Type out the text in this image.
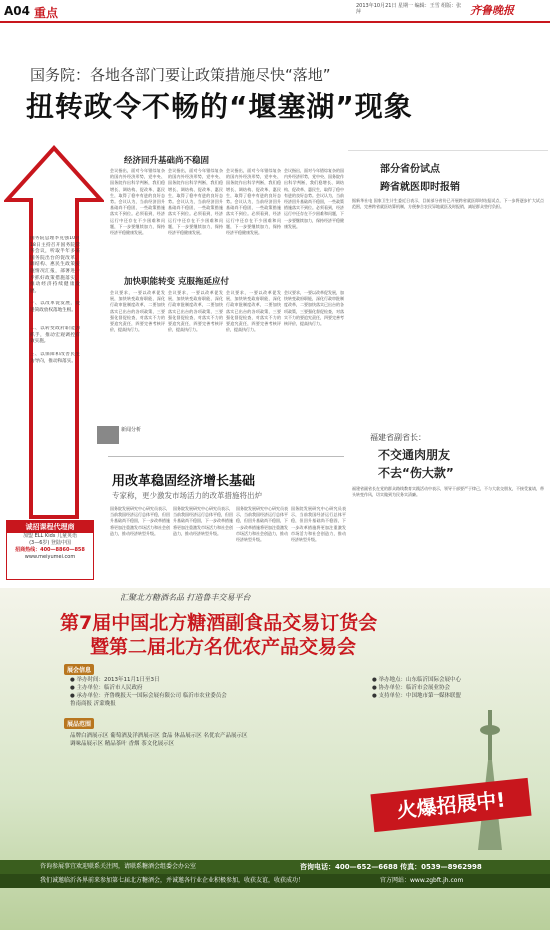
A04 重点	2013年10月21日 星期一 编辑：王雪 组版：张萍	齐鲁晚报
国务院：各地各部门要让政策措施尽快“落地”
扭转政令不畅的“堰塞湖”现象
国务院总理李克强10月18日主持召开国务院常务会议，听取半年多来国务院出台的促改革、调结构、惠民生政策实施情况汇报，部署进一步抓好政策措施落实，推动经济持续健康发展。
一、以改革促发展，促进简政放权落地生根。
二、以转变政府职能为抓手，推动宏观调控有效实施。
三、以保障和改善民生为导向，推动和落实。
经济回升基础尚不稳固
会议指出，面对今年错综复杂的国内外经济形势，党中央、国务院作出科学判断，我们稳增长、调结构、促改革、惠民生，取得了稳中有进的良好态势。会议认为，当前经济回升基础尚不稳固，一些政策措施落实不到位。必须看到，经济运行中还存在不少困难和问题，下一步要继续加力，保持经济平稳健康发展。
会议指出，面对今年错综复杂的国内外经济形势，党中央、国务院作出科学判断，我们稳增长、调结构、促改革、惠民生，取得了稳中有进的良好态势。会议认为，当前经济回升基础尚不稳固，一些政策措施落实不到位。必须看到，经济运行中还存在不少困难和问题，下一步要继续加力，保持经济平稳健康发展。
会议指出，面对今年错综复杂的国内外经济形势，党中央、国务院作出科学判断，我们稳增长、调结构、促改革、惠民生，取得了稳中有进的良好态势。会议认为，当前经济回升基础尚不稳固，一些政策措施落实不到位。必须看到，经济运行中还存在不少困难和问题，下一步要继续加力，保持经济平稳健康发展。
会议指出，面对今年错综复杂的国内外经济形势，党中央、国务院作出科学判断，我们稳增长、调结构、促改革、惠民生，取得了稳中有进的良好态势。会议认为，当前经济回升基础尚不稳固，一些政策措施落实不到位。必须看到，经济运行中还存在不少困难和问题，下一步要继续加力，保持经济平稳健康发展。
加快职能转变 克服拖延应付
会议要求，一要以改革促发展，加快转变政府职能，深化行政审批制度改革，二要加快落实已出台的各项政策，三要强化督促检查，对落实不力的要追究责任，四要完善考核评价，提高执行力。
会议要求，一要以改革促发展，加快转变政府职能，深化行政审批制度改革，二要加快落实已出台的各项政策，三要强化督促检查，对落实不力的要追究责任，四要完善考核评价，提高执行力。
会议要求，一要以改革促发展，加快转变政府职能，深化行政审批制度改革，二要加快落实已出台的各项政策，三要强化督促检查，对落实不力的要追究责任，四要完善考核评价，提高执行力。
会议要求，一要以改革促发展，加快转变政府职能，深化行政审批制度改革，二要加快落实已出台的各项政策，三要强化督促检查，对落实不力的要追究责任，四要完善考核评价，提高执行力。
新闻分析
用改革稳固经济增长基础
专家称，更少激发市场活力的改革措施将出炉
国务院发展研究中心研究员表示，当前我国经济运行总体平稳，但回升基础尚不稳固，下一步改革措施将更加注重激发市场活力和社会创造力，推动经济转型升级。
国务院发展研究中心研究员表示，当前我国经济运行总体平稳，但回升基础尚不稳固，下一步改革措施将更加注重激发市场活力和社会创造力，推动经济转型升级。
国务院发展研究中心研究员表示，当前我国经济运行总体平稳，但回升基础尚不稳固，下一步改革措施将更加注重激发市场活力和社会创造力，推动经济转型升级。
国务院发展研究中心研究员表示，当前我国经济运行总体平稳，但回升基础尚不稳固，下一步改革措施将更加注重激发市场活力和社会创造力，推动经济转型升级。
诚招课程代理商
加盟 ELL Kids 儿童英语
(3—6岁) 登陆中国
招商热线：400—8860—858
www.meiyumei.com
部分省份试点
跨省就医即时报销
据新华社电 国家卫生计生委近日表示，目前部分省份已开展跨省就医即时结报试点，下一步将逐步扩大试点范围，完善跨省就医结算机制，方便参合农民异地就医及时报销，减轻群众垫付负担。
福建省副省长：
不交通肉朋友
不去“伤大款”
福建省副省长在党的群众路线教育实践活动中表示，领导干部要严于律己，不与大款交朋友，不接受宴请，带头转变作风，切实做到为民务实清廉。
汇聚北方糖酒名品 打造鲁丰交易平台
第7届中国北方糖酒副食品交易订货会
暨第二届北方名优农产品交易会
展会信息
● 举办时间：2013年11月1日至3日
● 主办单位：临沂市人民政府
● 承办单位：齐鲁晚报天一国际会展有限公司 临沂市农业委员会
鲁南商报 沂蒙晚报
● 举办地点：山东临沂国际会展中心
● 协办单位：临沂市会展业协会
● 支持单位：中国地市第一媒体联盟
展品范围
品牌白酒展示区 葡萄酒及洋酒展示区 食品 休品展示区 名优农产品展示区
调味品展示区 精品茶叶 香烟 茶文化展示区
火爆招展中!
咨询参展事宜欢迎联系关注网，请联系糖酒会组委会办公室	咨询电话：400—652—6688 传真：0539—8962998
我们诚邀临沂各界前来参加第七届北方糖酒会，并诚邀各行业企业积极参加，收获友谊，收获成功！	官方网站：www.zgbft.jh.com
